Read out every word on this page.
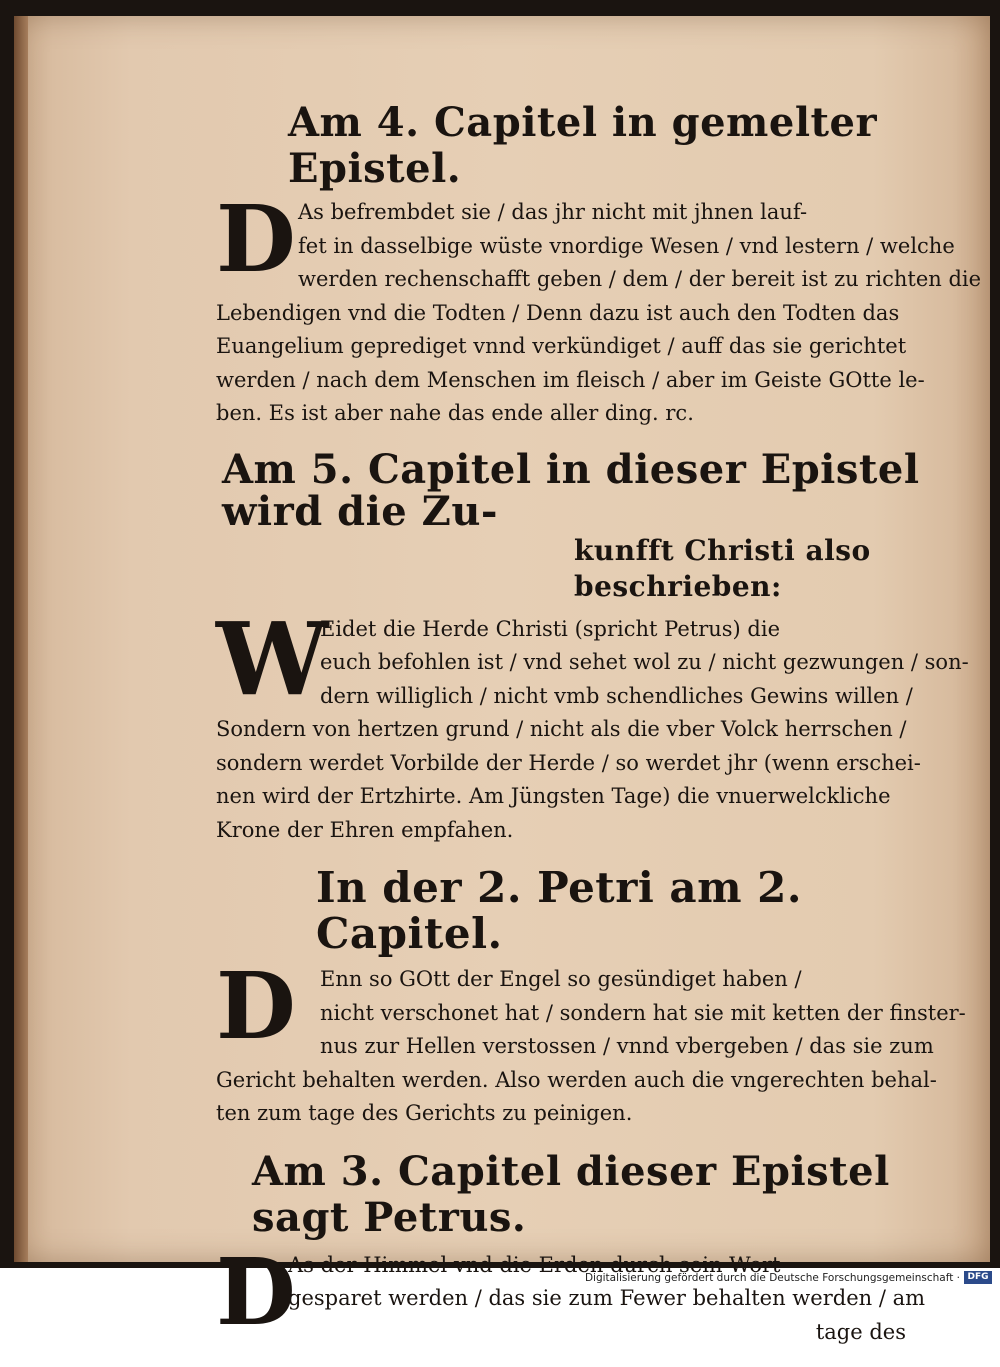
Am 4. Capitel in gemelter Epistel.
D As befrembdet sie / das jhr nicht mit jhnen lauf-
fet in dasselbige wüste vnordige Wesen / vnd lestern / welche
werden rechenschafft geben / dem / der bereit ist zu richten die
Lebendigen vnd die Todten / Denn dazu ist auch den Todten das
Euangelium geprediget vnnd verkündiget / auff das sie gerichtet
werden / nach dem Menschen im fleisch / aber im Geiste GOtte le-
ben. Es ist aber nahe das ende aller ding. rc.

Am 5. Capitel in dieser Epistel wird die Zu-
kunfft Christi also beschrieben:
W

Eidet die Herde Christi (spricht Petrus) die
euch befohlen ist / vnd sehet wol zu / nicht gezwungen / son-
dern williglich / nicht vmb schendliches Gewins willen /
Sondern von hertzen grund / nicht als die vber Volck herrschen /
sondern werdet Vorbilde der Herde / so werdet jhr (wenn erschei-
nen wird der Ertzhirte. Am Jüngsten Tage) die vnuerwelckliche
Krone der Ehren empfahen.

In der 2. Petri am 2. Capitel.
D	Enn so GOtt der Engel so gesündiget haben /
nicht verschonet hat / sondern hat sie mit ketten der finster-
nus zur Hellen verstossen / vnnd vbergeben / das sie zum
Gericht behalten werden. Also werden auch die vngerechten behal-
ten zum tage des Gerichts zu peinigen.

Am 3. Capitel dieser Epistel sagt Petrus.
D

As der Himmel vnd die Erden durch sein Wort
gesparet werden / das sie zum Fewer behalten werden / am
tage des

Digitalisierung gefördert durch die Deutsche Forschungsgemeinschaft · DFG
